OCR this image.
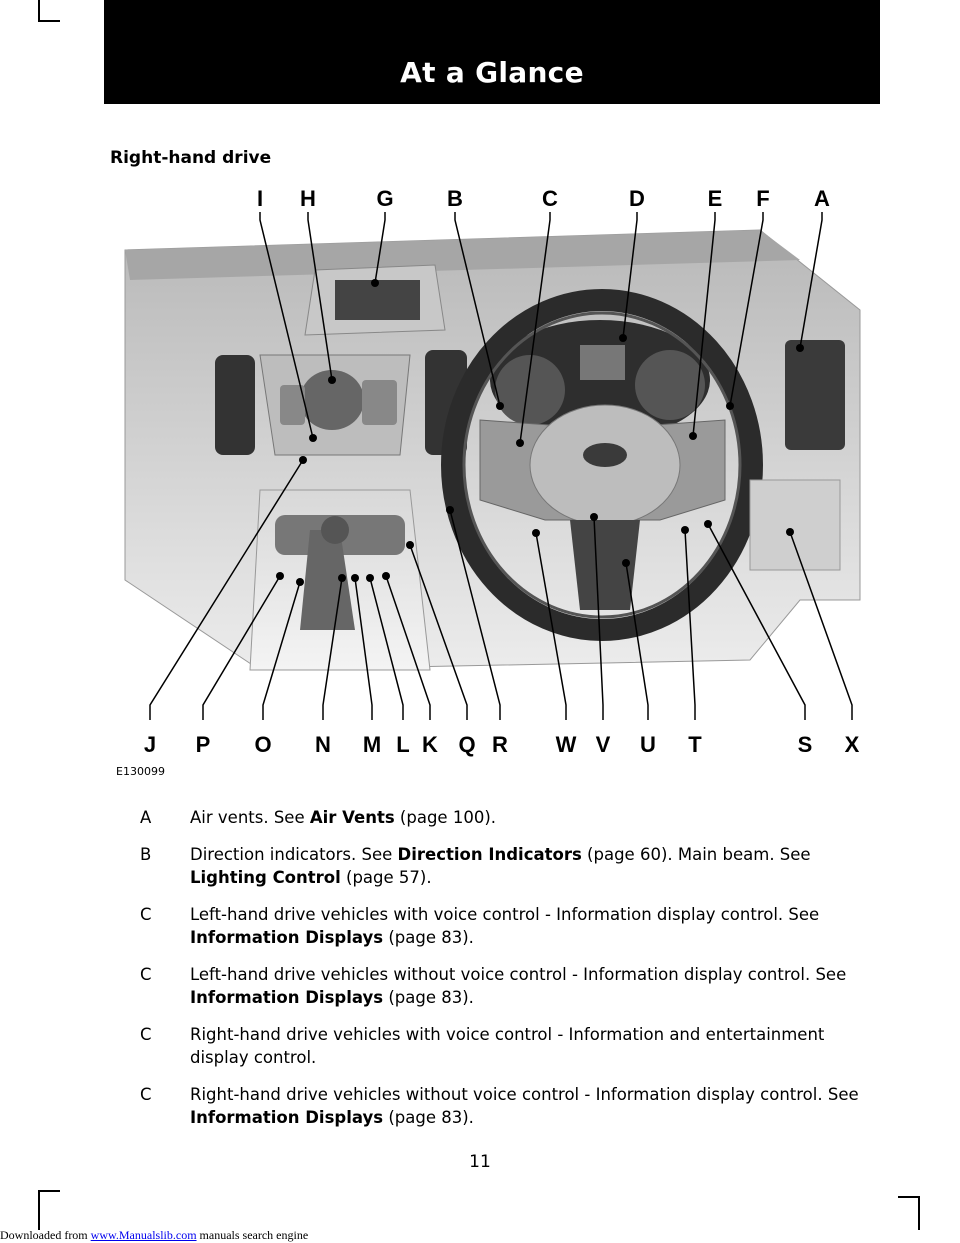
At a Glance
Right-hand drive
I	H	G	B	C	D	E	F	A
J	P	O	N	M L K Q R	W V	U	T	S	X
E130099
A	Air vents. See Air Vents (page 100).
B	Direction indicators. See Direction Indicators (page 60). Main beam. See Lighting Control (page 57).
C	Left-hand drive vehicles with voice control - Information display control. See Information Displays (page 83).
C	Left-hand drive vehicles without voice control - Information display control. See Information Displays (page 83).
C	Right-hand drive vehicles with voice control - Information and entertainment display control.
C	Right-hand drive vehicles without voice control - Information display control. See Information Displays (page 83).
11
Downloaded from www.Manualslib.com manuals search engine
